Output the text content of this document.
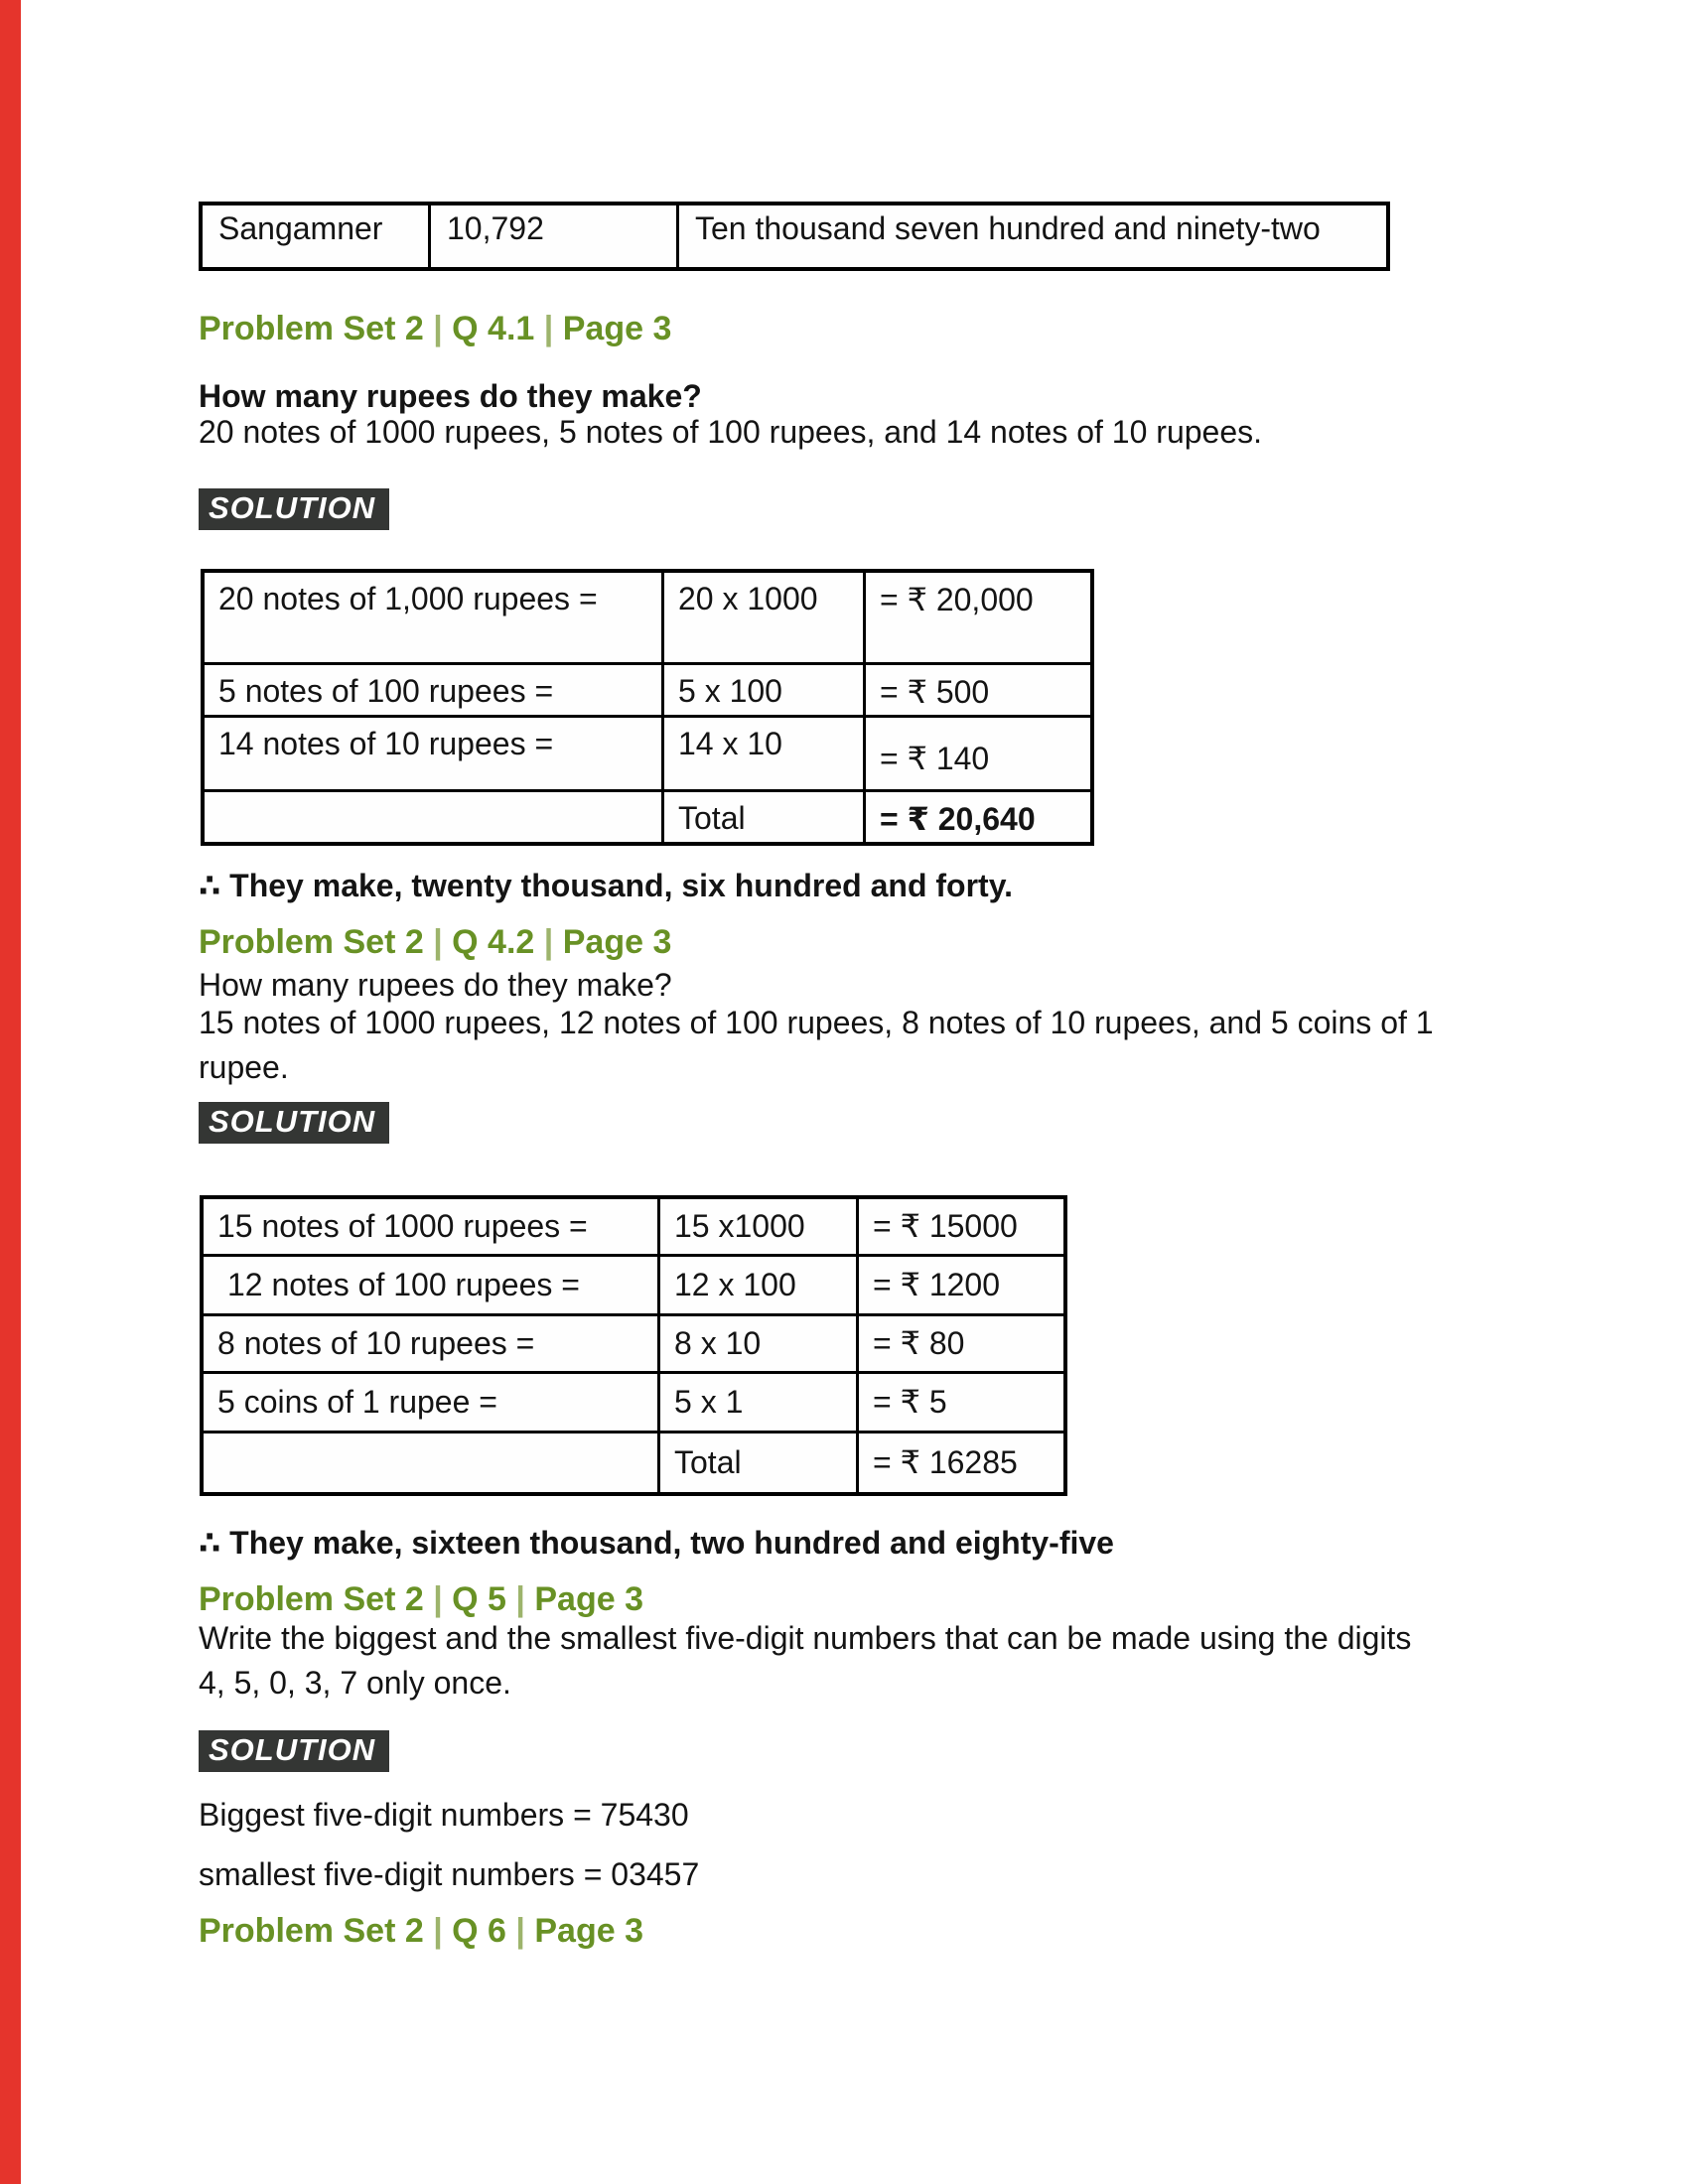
Sangamner	10,792	Ten thousand seven hundred and ninety-two
Problem Set 2 | Q 4.1 | Page 3
How many rupees do they make?
20 notes of 1000 rupees, 5 notes of 100 rupees, and 14 notes of 10 rupees.
SOLUTION
20 notes of 1,000 rupees =	20 x 1000	= ₹ 20,000
5 notes of 100 rupees =	5 x 100	= ₹ 500
14 notes of 10 rupees =	14 x 10	= ₹ 140
	Total	= ₹ 20,640
∴ They make, twenty thousand, six hundred and forty.
Problem Set 2 | Q 4.2 | Page 3
How many rupees do they make?
15 notes of 1000 rupees, 12 notes of 100 rupees, 8 notes of 10 rupees, and 5 coins of 1
rupee.
SOLUTION
15 notes of 1000 rupees =	15 x1000	= ₹ 15000
12 notes of 100 rupees =	12 x 100	= ₹ 1200
8 notes of 10 rupees =	8 x 10	= ₹ 80
5 coins of 1 rupee =	5 x 1	= ₹ 5
	Total	= ₹ 16285
∴ They make, sixteen thousand, two hundred and eighty-five
Problem Set 2 | Q 5 | Page 3
Write the biggest and the smallest five-digit numbers that can be made using the digits
4, 5, 0, 3, 7 only once.
SOLUTION
Biggest five-digit numbers = 75430
smallest five-digit numbers = 03457
Problem Set 2 | Q 6 | Page 3
